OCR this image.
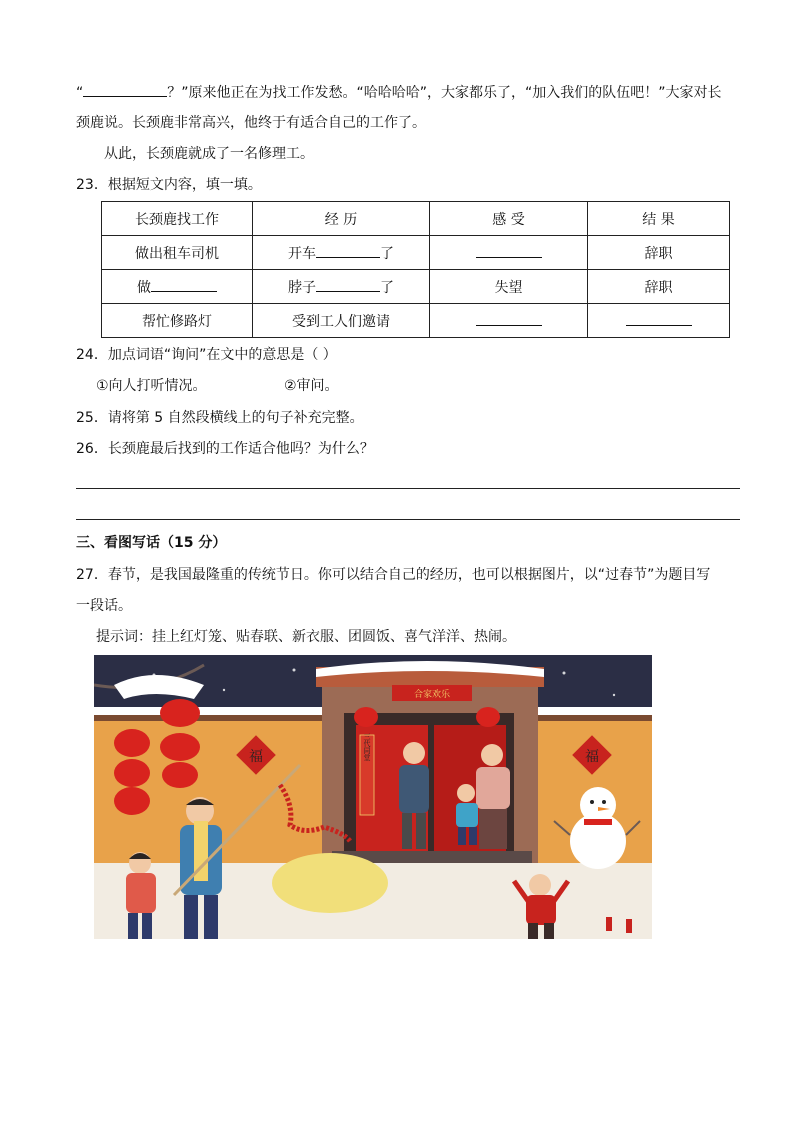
“	？”原来他正在为找工作发愁。“哈哈哈哈”，大家都乐了，“加入我们的队伍吧！”大家对长
颈鹿说。长颈鹿非常高兴，他终于有适合自己的工作了。
从此，长颈鹿就成了一名修理工。
23．根据短文内容，填一填。
长颈鹿找工作	经 历	感 受	结 果
做出租车司机	开车 了		辞职
做	脖子 了	失望	辞职
帮忙修路灯	受到工人们邀请		
24．加点词语“询问”在文中的意思是（ ）
①向人打听情况。	②审问。
25．请将第 5 自然段横线上的句子补充完整。
26．长颈鹿最后找到的工作适合他吗？为什么？
三、看图写话（15 分）
27．春节，是我国最隆重的传统节日。你可以结合自己的经历，也可以根据图片，以“过春节”为题目写
一段话。
提示词：挂上红灯笼、贴春联、新衣服、团圆饭、喜气洋洋、热闹。
合家欢乐
三代同堂
福	福
